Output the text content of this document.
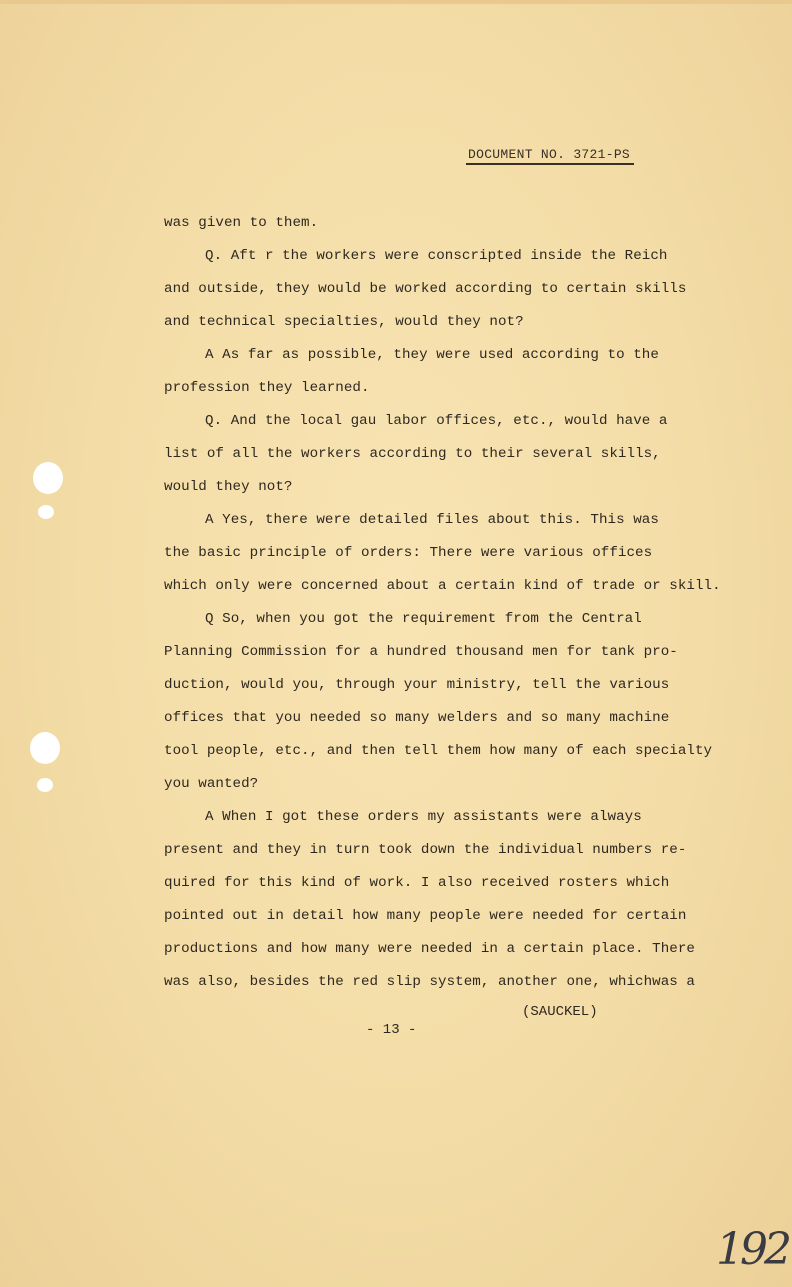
DOCUMENT NO. 3721-PS
was given to them.
Q. Aft r the workers were conscripted inside the Reich
and outside, they would be worked according to certain skills
and technical specialties, would they not?
A As far as possible, they were used according to the
profession they learned.
Q. And the local gau labor offices, etc., would have a
list of all the workers according to their several skills,
would they not?
A Yes, there were detailed files about this. This was
the basic principle of orders: There were various offices
which only were concerned about a certain kind of trade or skill.
Q So, when you got the requirement from the Central
Planning Commission for a hundred thousand men for tank pro-
duction, would you, through your ministry, tell the various
offices that you needed so many welders and so many machine
tool people, etc., and then tell them how many of each specialty
you wanted?
A When I got these orders my assistants were always
present and they in turn took down the individual numbers re-
quired for this kind of work. I also received rosters which
pointed out in detail how many people were needed for certain
productions and how many were needed in a certain place. There
was also, besides the red slip system, another one, whichwas a
(SAUCKEL)
- 13 -
192
